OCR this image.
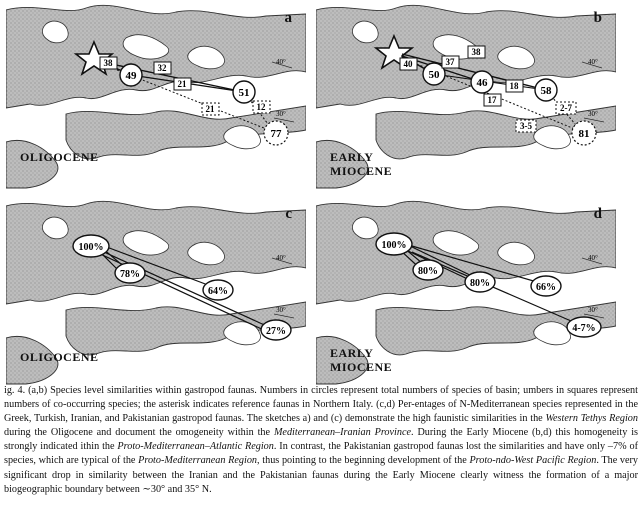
40°
30°
49
51
77
38	32
21
21	12
a
OLIGOCENE
40°
30°
50
46
58
81
40	37
38
18
17
2-7
3-5
b
EARLY
MIOCENE
40°
30°
100%
78%
64%
27%
c
OLIGOCENE
40°
30°
100%
80%
80%	66%
4-7%
d
EARLY
MIOCENE
ig. 4. (a,b) Species level similarities within gastropod faunas. Numbers in circles represent total numbers of species of basin; umbers in squares represent numbers of co-occurring species; the asterisk indicates reference faunas in Northern Italy. (c,d) Per-entages of N-Mediterranean species represented in the Greek, Turkish, Iranian, and Pakistanian gastropod faunas. The sketches a) and (c) demonstrate the high faunistic similarities in the Western Tethys Region during the Oligocene and document the omogeneity within the Mediterranean–Iranian Province. During the Early Miocene (b,d) this homogeneity is strongly indicated ithin the Proto-Mediterranean–Atlantic Region. In contrast, the Pakistanian gastropod faunas lost the similarities and have only –7% of species, which are typical of the Proto-Mediterranean Region, thus pointing to the beginning development of the Proto-ndo-West Pacific Region. The very significant drop in similarity between the Iranian and the Pakistanian faunas during the Early Miocene clearly witness the formation of a major biogeographic boundary between ∼30° and 35° N.
